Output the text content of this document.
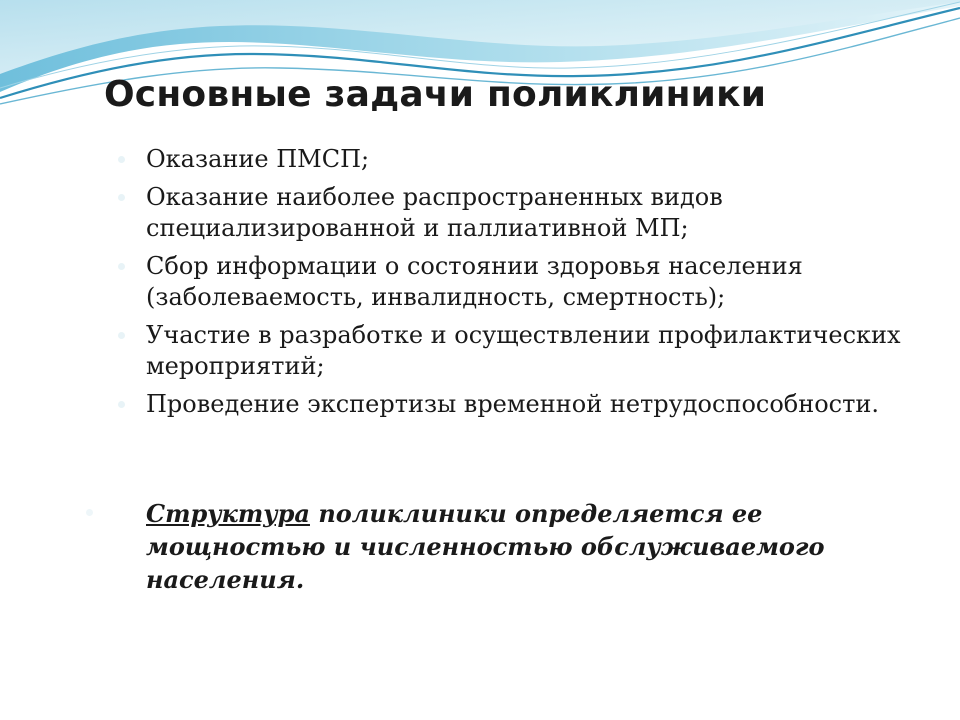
Основные задачи поликлиники
Оказание ПМСП;
Оказание наиболее распространенных видов специализированной и паллиативной МП;
Сбор информации о состоянии здоровья населения (заболеваемость, инвалидность, смертность);
Участие в разработке и осуществлении профилактических мероприятий;
Проведение экспертизы временной нетрудоспособности.
Структура поликлиники определяется ее мощностью и численностью обслуживаемого населения.
